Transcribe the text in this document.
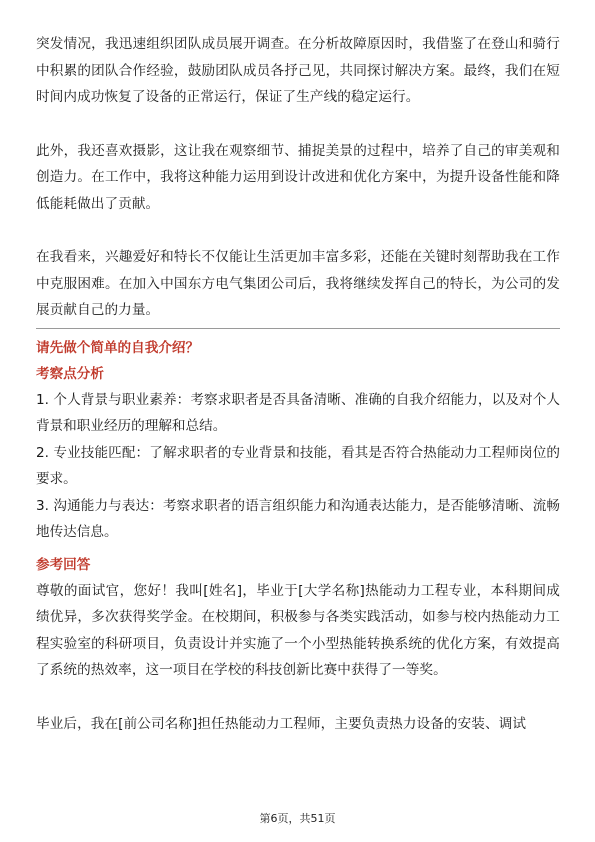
突发情况，我迅速组织团队成员展开调查。在分析故障原因时，我借鉴了在登山和骑行中积累的团队合作经验，鼓励团队成员各抒己见，共同探讨解决方案。最终，我们在短时间内成功恢复了设备的正常运行，保证了生产线的稳定运行。

此外，我还喜欢摄影，这让我在观察细节、捕捉美景的过程中，培养了自己的审美观和创造力。在工作中，我将这种能力运用到设计改进和优化方案中，为提升设备性能和降低能耗做出了贡献。

在我看来，兴趣爱好和特长不仅能让生活更加丰富多彩，还能在关键时刻帮助我在工作中克服困难。在加入中国东方电气集团公司后，我将继续发挥自己的特长，为公司的发展贡献自己的力量。

请先做个简单的自我介绍？

考察点分析

1. 个人背景与职业素养：考察求职者是否具备清晰、准确的自我介绍能力，以及对个人背景和职业经历的理解和总结。

2. 专业技能匹配：了解求职者的专业背景和技能，看其是否符合热能动力工程师岗位的要求。

3. 沟通能力与表达：考察求职者的语言组织能力和沟通表达能力，是否能够清晰、流畅地传达信息。

参考回答

尊敬的面试官，您好！我叫[姓名]，毕业于[大学名称]热能动力工程专业，本科期间成绩优异，多次获得奖学金。在校期间，积极参与各类实践活动，如参与校内热能动力工程实验室的科研项目，负责设计并实施了一个小型热能转换系统的优化方案，有效提高了系统的热效率，这一项目在学校的科技创新比赛中获得了一等奖。

毕业后，我在[前公司名称]担任热能动力工程师，主要负责热力设备的安装、调试

第6页，共51页
